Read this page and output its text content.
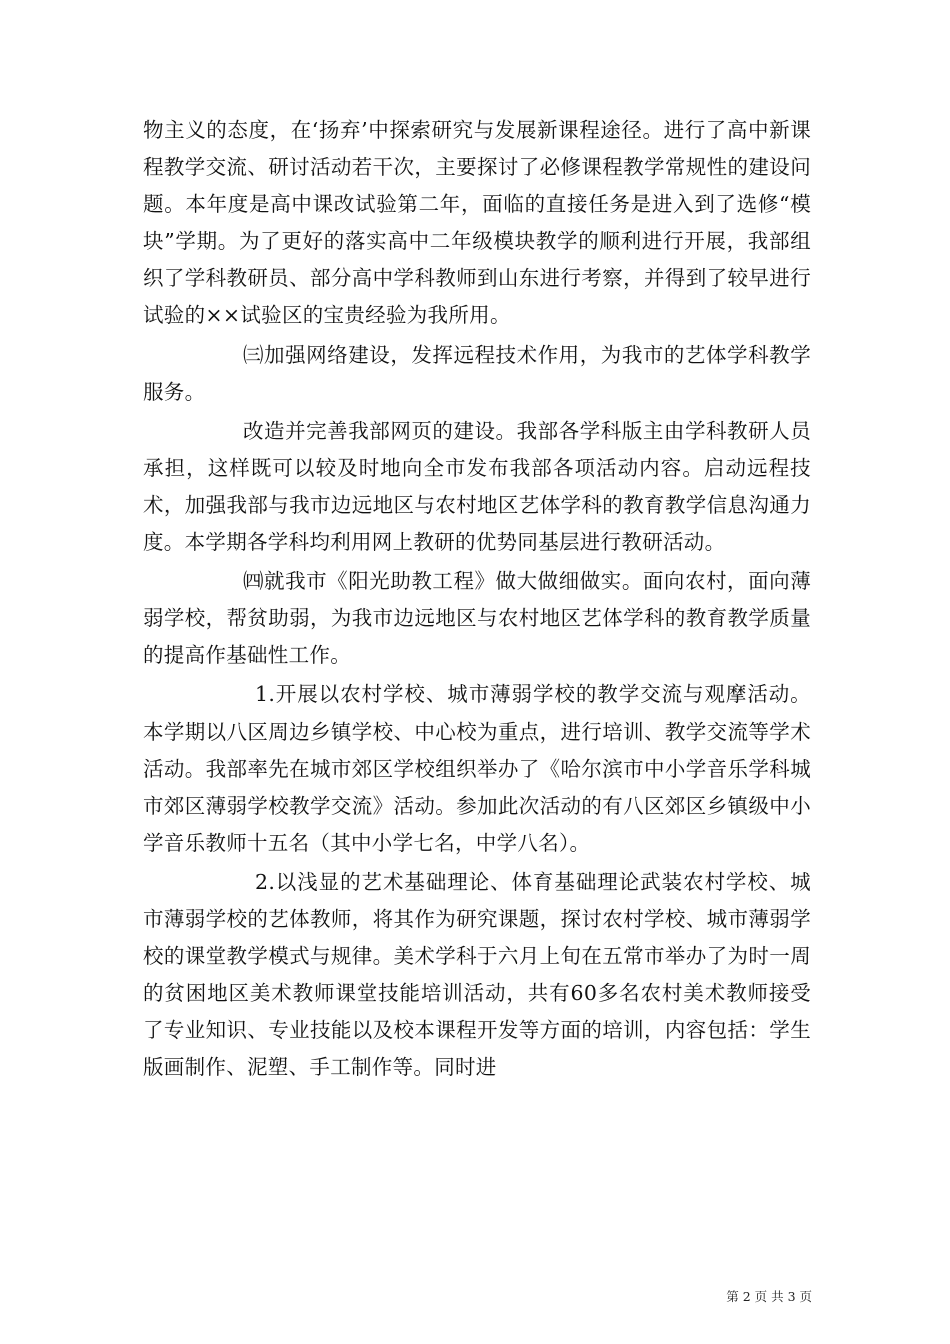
物主义的态度，在‘扬弃’中探索研究与发展新课程途径。进行了高中新课程教学交流、研讨活动若干次，主要探讨了必修课程教学常规性的建设问题。本年度是高中课改试验第二年，面临的直接任务是进入到了选修“模块”学期。为了更好的落实高中二年级模块教学的顺利进行开展，我部组织了学科教研员、部分高中学科教师到山东进行考察，并得到了较早进行试验的××试验区的宝贵经验为我所用。

㈢加强网络建设，发挥远程技术作用，为我市的艺体学科教学服务。

改造并完善我部网页的建设。我部各学科版主由学科教研人员承担，这样既可以较及时地向全市发布我部各项活动内容。启动远程技术，加强我部与我市边远地区与农村地区艺体学科的教育教学信息沟通力度。本学期各学科均利用网上教研的优势同基层进行教研活动。

㈣就我市《阳光助教工程》做大做细做实。面向农村，面向薄弱学校，帮贫助弱，为我市边远地区与农村地区艺体学科的教育教学质量的提高作基础性工作。

1.开展以农村学校、城市薄弱学校的教学交流与观摩活动。本学期以八区周边乡镇学校、中心校为重点，进行培训、教学交流等学术活动。我部率先在城市郊区学校组织举办了《哈尔滨市中小学音乐学科城市郊区薄弱学校教学交流》活动。参加此次活动的有八区郊区乡镇级中小学音乐教师十五名（其中小学七名，中学八名）。

2.以浅显的艺术基础理论、体育基础理论武装农村学校、城市薄弱学校的艺体教师，将其作为研究课题，探讨农村学校、城市薄弱学校的课堂教学模式与规律。美术学科于六月上旬在五常市举办了为时一周的贫困地区美术教师课堂技能培训活动，共有60多名农村美术教师接受了专业知识、专业技能以及校本课程开发等方面的培训，内容包括：学生版画制作、泥塑、手工制作等。同时进

第 2 页 共 3 页
